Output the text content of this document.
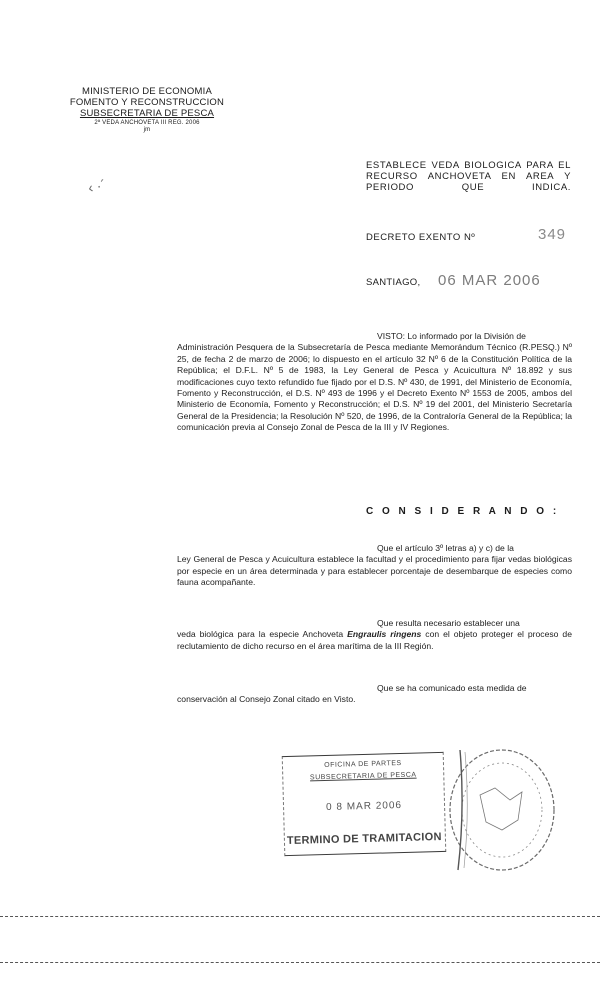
MINISTERIO DE ECONOMIA
FOMENTO Y RECONSTRUCCION
SUBSECRETARIA DE PESCA
2ª VEDA ANCHOVETA III REG. 2006
jm
‹ ·´
ESTABLECE VEDA BIOLOGICA PARA EL RECURSO ANCHOVETA EN AREA Y PERIODO QUE INDICA.
DECRETO EXENTO Nº	349
SANTIAGO, 06 MAR 2006
VISTO: Lo informado por la División de
Administración Pesquera de la Subsecretaría de Pesca mediante Memorándum Técnico (R.PESQ.) Nº 25, de fecha 2 de marzo de 2006; lo dispuesto en el artículo 32 Nº 6 de la Constitución Política de la República; el D.F.L. Nº 5 de 1983, la Ley General de Pesca y Acuicultura Nº 18.892 y sus modificaciones cuyo texto refundido fue fijado por el D.S. Nº 430, de 1991, del Ministerio de Economía, Fomento y Reconstrucción, el D.S. Nº 493 de 1996 y el Decreto Exento Nº 1553 de 2005, ambos del Ministerio de Economía, Fomento y Reconstrucción; el D.S. Nº 19 del 2001, del Ministerio Secretaría General de la Presidencia; la Resolución Nº 520, de 1996, de la Contraloría General de la República; la comunicación previa al Consejo Zonal de Pesca de la III y IV Regiones.
C O N S I D E R A N D O :
Que el artículo 3º letras a) y c) de la
Ley General de Pesca y Acuicultura establece la facultad y el procedimiento para fijar vedas biológicas por especie en un área determinada y para establecer porcentaje de desembarque de especies como fauna acompañante.
Que resulta necesario establecer una
veda biológica para la especie Anchoveta Engraulis ringens con el objeto proteger el proceso de reclutamiento de dicho recurso en el área marítima de la III Región.
Que se ha comunicado esta medida de
conservación al Consejo Zonal citado en Visto.
OFICINA DE PARTES
SUBSECRETARIA DE PESCA
0 8 MAR 2006
TERMINO DE TRAMITACION
